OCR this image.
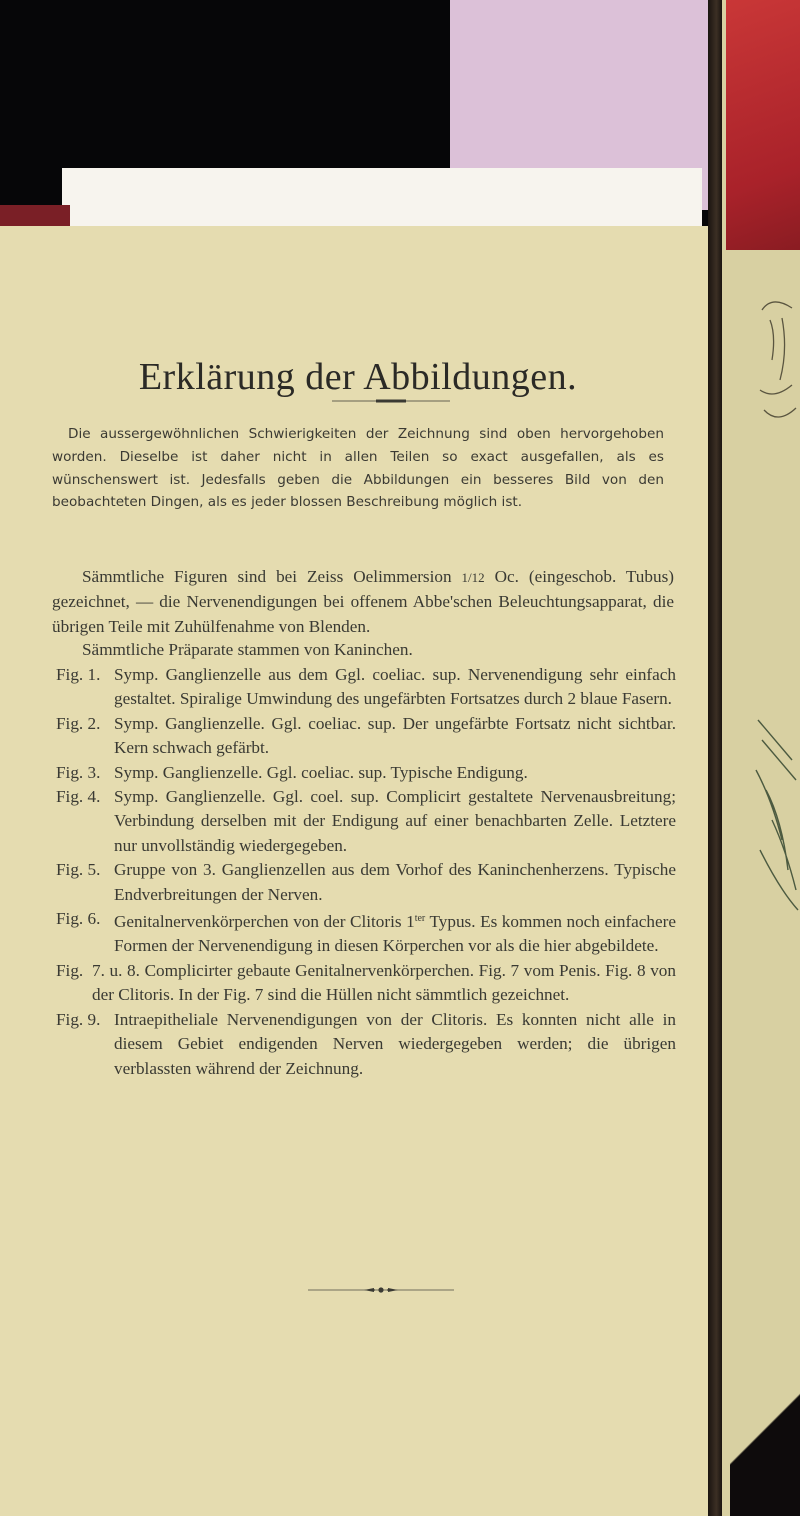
Erklärung der Abbildungen.

Die aussergewöhnlichen Schwierigkeiten der Zeichnung sind oben hervorgehoben worden. Dieselbe ist daher nicht in allen Teilen so exact ausgefallen, als es wünschenswert ist. Jedesfalls geben die Abbildungen ein besseres Bild von den beobachteten Dingen, als es jeder blossen Beschreibung möglich ist.

Sämmtliche Figuren sind bei Zeiss Oelimmersion 1/12 Oc. (eingeschob. Tubus) gezeichnet, — die Nervenendigungen bei offenem Abbe'schen Beleuchtungsapparat, die übrigen Teile mit Zuhülfenahme von Blenden.

Sämmtliche Präparate stammen von Kaninchen.

Fig. 1. Symp. Ganglienzelle aus dem Ggl. coeliac. sup. Nervenendigung sehr einfach gestaltet. Spiralige Umwindung des ungefärbten Fortsatzes durch 2 blaue Fasern.
Fig. 2. Symp. Ganglienzelle. Ggl. coeliac. sup. Der ungefärbte Fortsatz nicht sichtbar. Kern schwach gefärbt.
Fig. 3. Symp. Ganglienzelle. Ggl. coeliac. sup. Typische Endigung.
Fig. 4. Symp. Ganglienzelle. Ggl. coel. sup. Complicirt gestaltete Nervenausbreitung; Verbindung derselben mit der Endigung auf einer benachbarten Zelle. Letztere nur unvollständig wiedergegeben.
Fig. 5. Gruppe von 3. Ganglienzellen aus dem Vorhof des Kaninchenherzens. Typische Endverbreitungen der Nerven.
Fig. 6. Genitalnervenkörperchen von der Clitoris $1^{ter}$ Typus. Es kommen noch einfachere Formen der Nervenendigung in diesen Körperchen vor als die hier abgebildete.
Fig. 7. u. 8. Complicirter gebaute Genitalnervenkörperchen. Fig. 7 vom Penis. Fig. 8 von der Clitoris. In der Fig. 7 sind die Hüllen nicht sämmtlich gezeichnet.
Fig. 9. Intraepitheliale Nervenendigungen von der Clitoris. Es konnten nicht alle in diesem Gebiet endigenden Nerven wiedergegeben werden; die übrigen verblassten während der Zeichnung.
